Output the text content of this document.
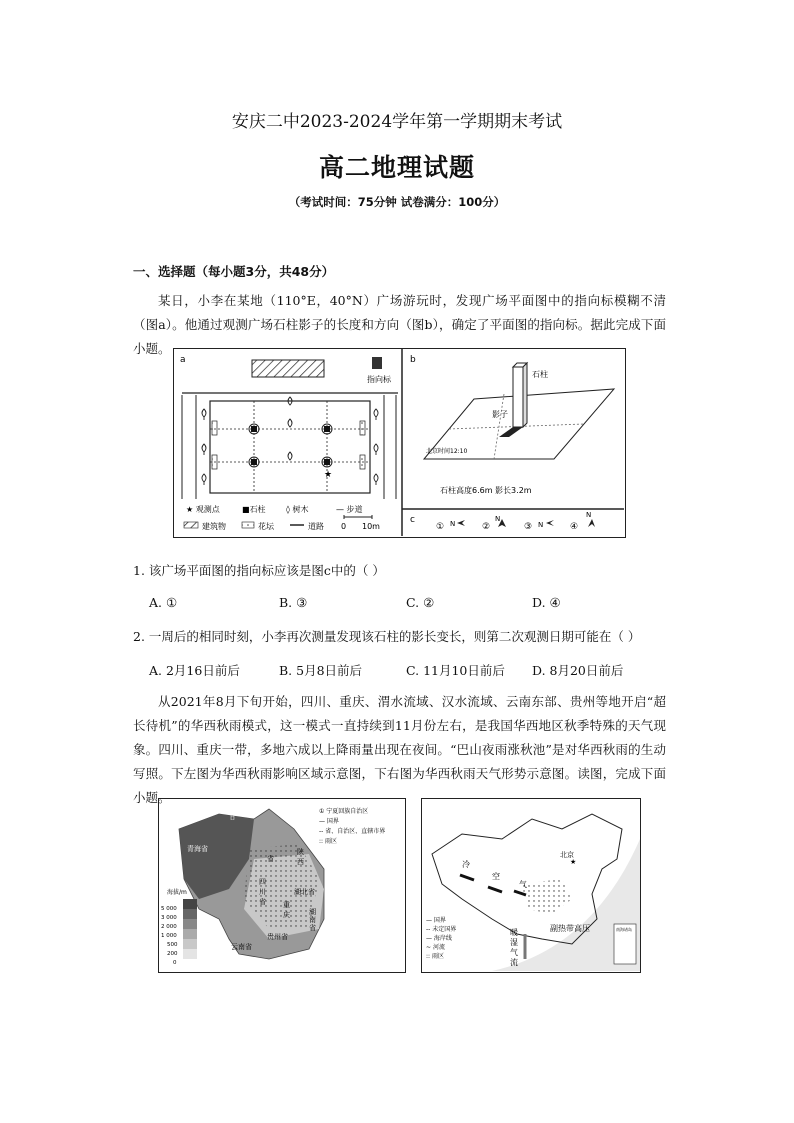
安庆二中2023-2024学年第一学期期末考试
高二地理试题
（考试时间：75分钟 试卷满分：100分）
一、选择题（每小题3分，共48分）
某日，小李在某地（110°E，40°N）广场游玩时，发现广场平面图中的指向标模糊不清（图a）。他通过观测广场石柱影子的长度和方向（图b），确定了平面图的指向标。据此完成下面小题。
a
指向标
★
★ 观测点	■石柱	◊ 树木	— 步道
建筑物	花坛	道路 0 10m
b
石柱
影子
北京时间12:10
石柱高度6.6m 影长3.2m
c
① N	②
N
③ N	④
N
1. 该广场平面图的指向标应该是图c中的（ ）
A. ①	B. ③	C. ②	D. ④
2. 一周后的相同时刻，小李再次测量发现该石柱的影长变长，则第二次观测日期可能在（ ）
A. 2月16日前后	B. 5月8日前后	C. 11月10日前后 D. 8月20日前后
从2021年8月下旬开始，四川、重庆、渭水流域、汉水流域、云南东部、贵州等地开启“超长待机”的华西秋雨模式，这一模式一直持续到11月份左右，是我国华西地区秋季特殊的天气现象。四川、重庆一带，多地六成以上降雨量出现在夜间。“巴山夜雨涨秋池”是对华西秋雨的生动写照。下左图为华西秋雨影响区域示意图，下右图为华西秋雨天气形势示意图。读图，完成下面小题。
甘
青海省
省
陕
西
四
川
省
湖北省
重
庆	湖
南
省
贵州省
云南省
① 宁夏回族自治区
— 国界
-- 省、自治区、直辖市界
:: 雨区
海拔/m
5 000
3 000
2 000
1 000
500
200
0
★
北京
冷
空
气
暖
湿
气
流
副热带高压	南海诸岛
— 国界
-- 未定国界
— 海岸线
~ 河流
:: 雨区
